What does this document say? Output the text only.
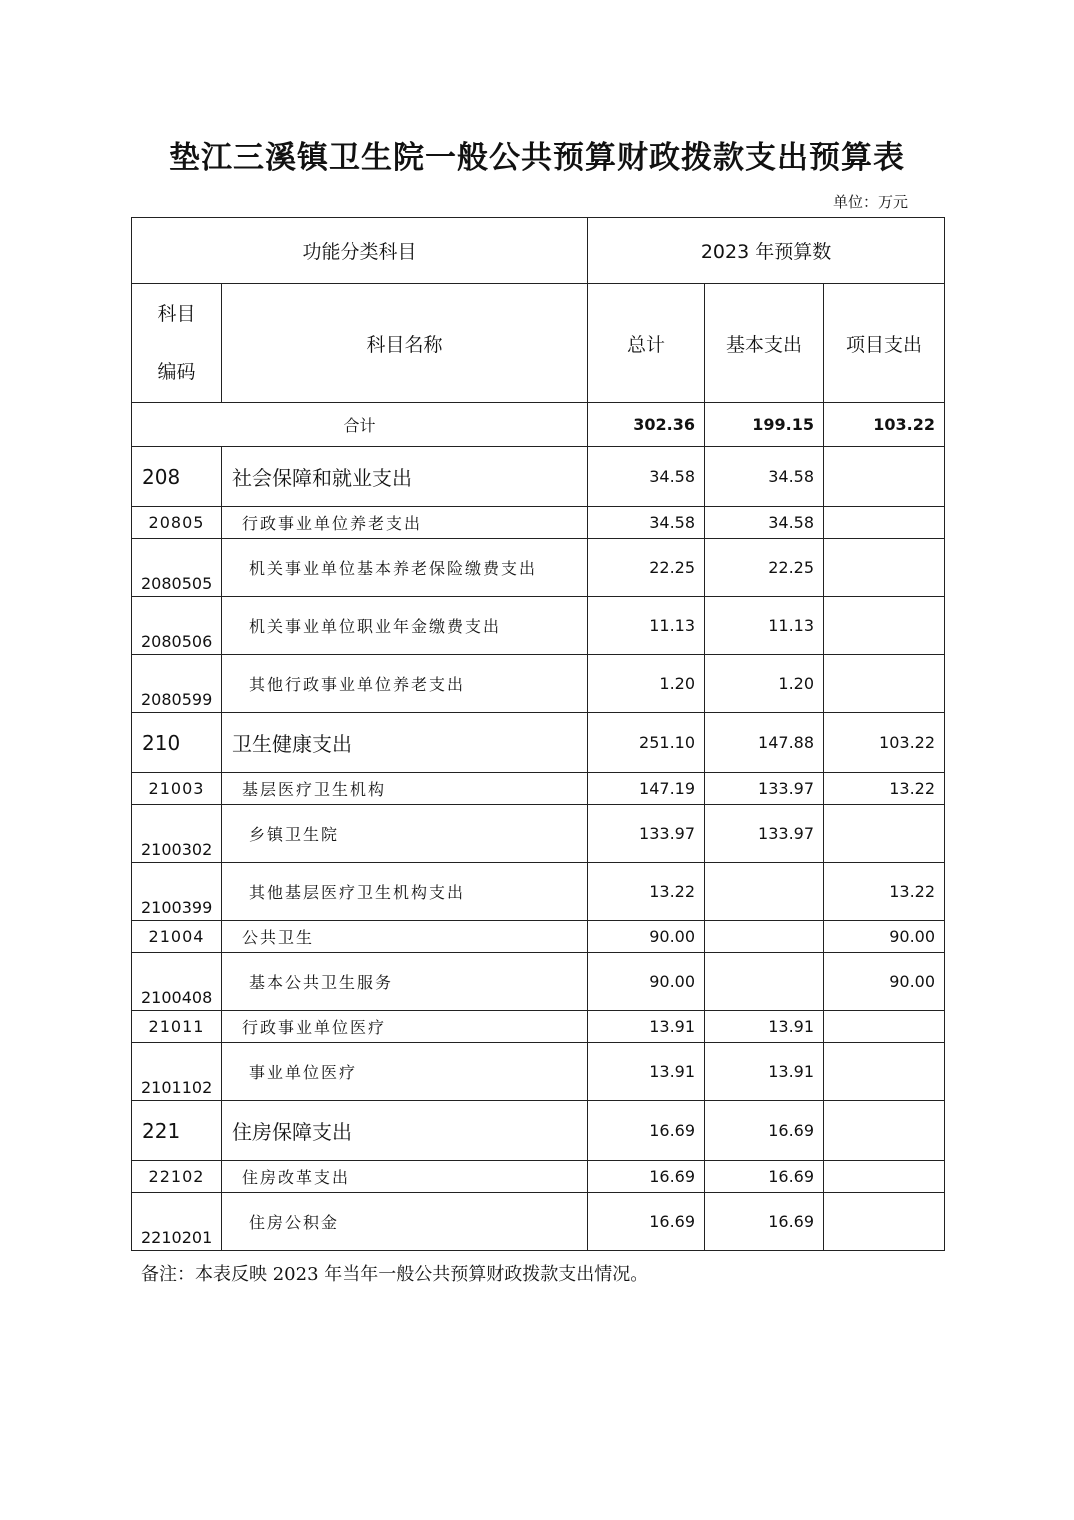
垫江三溪镇卫生院一般公共预算财政拨款支出预算表
单位：万元
功能分类科目		2023 年预算数		
科目

编码	科目名称	总计	基本支出	项目支出
合计		302.36	199.15	103.22
208	社会保障和就业支出	34.58	34.58	
20805	行政事业单位养老支出	34.58	34.58	
2080505	机关事业单位基本养老保险缴费支出	22.25	22.25	
2080506	机关事业单位职业年金缴费支出	11.13	11.13	
2080599	其他行政事业单位养老支出	1.20	1.20	
210	卫生健康支出	251.10	147.88	103.22
21003	基层医疗卫生机构	147.19	133.97	13.22
2100302	乡镇卫生院	133.97	133.97	
2100399	其他基层医疗卫生机构支出	13.22		13.22
21004	公共卫生	90.00		90.00
2100408	基本公共卫生服务	90.00		90.00
21011	行政事业单位医疗	13.91	13.91	
2101102	事业单位医疗	13.91	13.91	
221	住房保障支出	16.69	16.69	
22102	住房改革支出	16.69	16.69	
2210201	住房公积金	16.69	16.69	
备注：本表反映 2023 年当年一般公共预算财政拨款支出情况。
